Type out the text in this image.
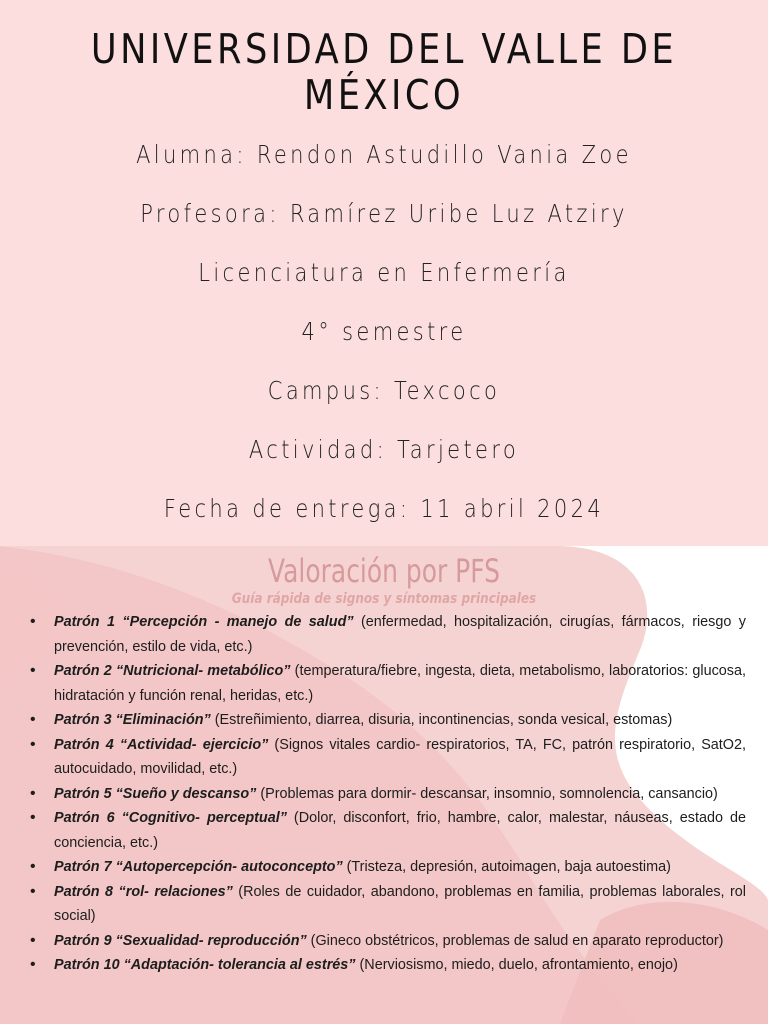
UNIVERSIDAD DEL VALLE DE MÉXICO
Alumna: Rendon Astudillo Vania Zoe
Profesora: Ramírez Uribe Luz Atziry
Licenciatura en Enfermería
4° semestre
Campus: Texcoco
Actividad: Tarjetero
Fecha de entrega: 11 abril 2024
Valoración por PFS
Guía rápida de signos y síntomas principales
• Patrón 1 “Percepción - manejo de salud” (enfermedad, hospitalización, cirugías, fármacos, riesgo y prevención, estilo de vida, etc.)
• Patrón 2 “Nutricional- metabólico” (temperatura/fiebre, ingesta, dieta, metabolismo, laboratorios: glucosa, hidratación y función renal, heridas, etc.)
• Patrón 3 “Eliminación” (Estreñimiento, diarrea, disuria, incontinencias, sonda vesical, estomas)
• Patrón 4 “Actividad- ejercicio” (Signos vitales cardio- respiratorios, TA, FC, patrón respiratorio, SatO2, autocuidado, movilidad, etc.)
• Patrón 5 “Sueño y descanso” (Problemas para dormir- descansar, insomnio, somnolencia, cansancio)
• Patrón 6 “Cognitivo- perceptual” (Dolor, disconfort, frio, hambre, calor, malestar, náuseas, estado de conciencia, etc.)
• Patrón 7 “Autopercepción- autoconcepto” (Tristeza, depresión, autoimagen, baja autoestima)
• Patrón 8 “rol- relaciones” (Roles de cuidador, abandono, problemas en familia, problemas laborales, rol social)
• Patrón 9 “Sexualidad- reproducción” (Gineco obstétricos, problemas de salud en aparato reproductor)
• Patrón 10 “Adaptación- tolerancia al estrés” (Nerviosismo, miedo, duelo, afrontamiento, enojo)
